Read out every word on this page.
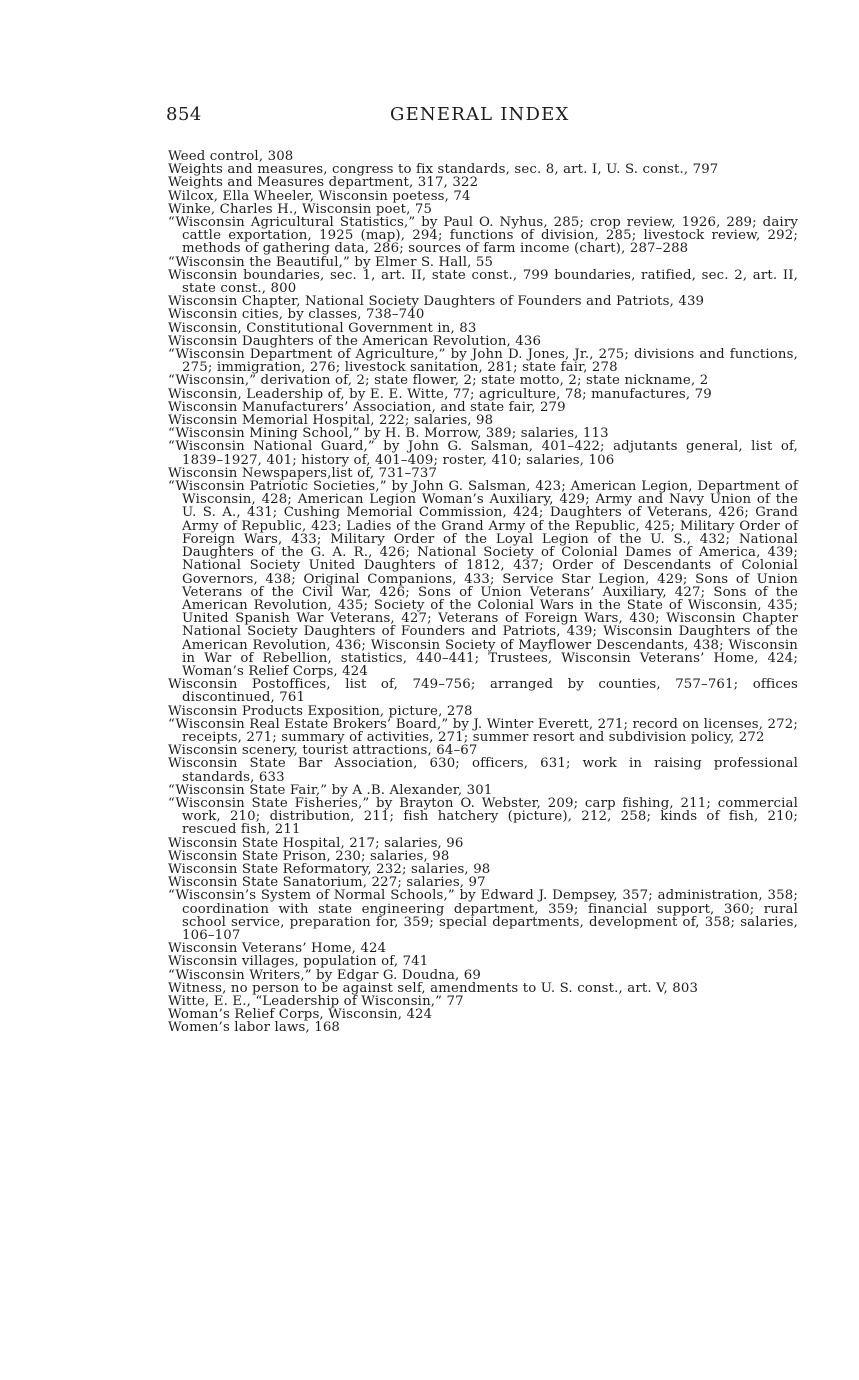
854	GENERAL INDEX
Weed control, 308
Weights and measures, congress to fix standards, sec. 8, art. I, U. S. const., 797
Weights and Measures department, 317, 322
Wilcox, Ella Wheeler, Wisconsin poetess, 74
Winke, Charles H., Wisconsin poet, 75
“Wisconsin Agricultural Statistics,” by Paul O. Nyhus, 285; crop review, 1926, 289; dairy cattle exportation, 1925 (map), 294; functions of division, 285; livestock review, 292; methods of gathering data, 286; sources of farm income (chart), 287–288
“Wisconsin the Beautiful,” by Elmer S. Hall, 55
Wisconsin boundaries, sec. 1, art. II, state const., 799 boundaries, ratified, sec. 2, art. II, state const., 800
Wisconsin Chapter, National Society Daughters of Founders and Patriots, 439
Wisconsin cities, by classes, 738–740
Wisconsin, Constitutional Government in, 83
Wisconsin Daughters of the American Revolution, 436
“Wisconsin Department of Agriculture,” by John D. Jones, Jr., 275; divisions and functions, 275; immigration, 276; livestock sanitation, 281; state fair, 278
“Wisconsin,” derivation of, 2; state flower, 2; state motto, 2; state nickname, 2
Wisconsin, Leadership of, by E. E. Witte, 77; agriculture, 78; manufactures, 79
Wisconsin Manufacturers’ Association, and state fair, 279
Wisconsin Memorial Hospital, 222; salaries, 98
“Wisconsin Mining School,” by H. B. Morrow, 389; salaries, 113
“Wisconsin National Guard,” by John G. Salsman, 401–422; adjutants general, list of, 1839–1927, 401; history of, 401–409; roster, 410; salaries, 106
Wisconsin Newspapers,list of, 731–737
“Wisconsin Patriotic Societies,” by John G. Salsman, 423; American Legion, Department of Wisconsin, 428; American Legion Woman’s Auxiliary, 429; Army and Navy Union of the U. S. A., 431; Cushing Memorial Commission, 424; Daughters of Veterans, 426; Grand Army of Republic, 423; Ladies of the Grand Army of the Republic, 425; Military Order of Foreign Wars, 433; Military Order of the Loyal Legion of the U. S., 432; National Daughters of the G. A. R., 426; National Society of Colonial Dames of America, 439; National Society United Daughters of 1812, 437; Order of Descendants of Colonial Governors, 438; Original Companions, 433; Service Star Legion, 429; Sons of Union Veterans of the Civil War, 426; Sons of Union Veterans’ Auxiliary, 427; Sons of the American Revolution, 435; Society of the Colonial Wars in the State of Wisconsin, 435; United Spanish War Veterans, 427; Veterans of Foreign Wars, 430; Wisconsin Chapter National Society Daughters of Founders and Patriots, 439; Wisconsin Daughters of the American Revolution, 436; Wisconsin Society of Mayflower Descendants, 438; Wisconsin in War of Rebellion, statistics, 440–441; Trustees, Wisconsin Veterans’ Home, 424; Woman’s Relief Corps, 424
Wisconsin Postoffices, list of, 749–756; arranged by counties, 757–761; offices discontinued, 761
Wisconsin Products Exposition, picture, 278
“Wisconsin Real Estate Brokers’ Board,” by J. Winter Everett, 271; record on licenses, 272; receipts, 271; summary of activities, 271; summer resort and subdivision policy, 272
Wisconsin scenery, tourist attractions, 64–67
Wisconsin State Bar Association, 630; officers, 631; work in raising professional standards, 633
“Wisconsin State Fair,” by A .B. Alexander, 301
“Wisconsin State Fisheries,” by Brayton O. Webster, 209; carp fishing, 211; commercial work, 210; distribution, 211; fish hatchery (picture), 212, 258; kinds of fish, 210; rescued fish, 211
Wisconsin State Hospital, 217; salaries, 96
Wisconsin State Prison, 230; salaries, 98
Wisconsin State Reformatory, 232; salaries, 98
Wisconsin State Sanatorium, 227; salaries, 97
“Wisconsin’s System of Normal Schools,” by Edward J. Dempsey, 357; administration, 358; coordination with state engineering department, 359; financial support, 360; rural school service, preparation for, 359; special departments, development of, 358; salaries, 106–107
Wisconsin Veterans’ Home, 424
Wisconsin villages, population of, 741
“Wisconsin Writers,” by Edgar G. Doudna, 69
Witness, no person to be against self, amendments to U. S. const., art. V, 803
Witte, E. E., “Leadership of Wisconsin,” 77
Woman’s Relief Corps, Wisconsin, 424
Women’s labor laws, 168
